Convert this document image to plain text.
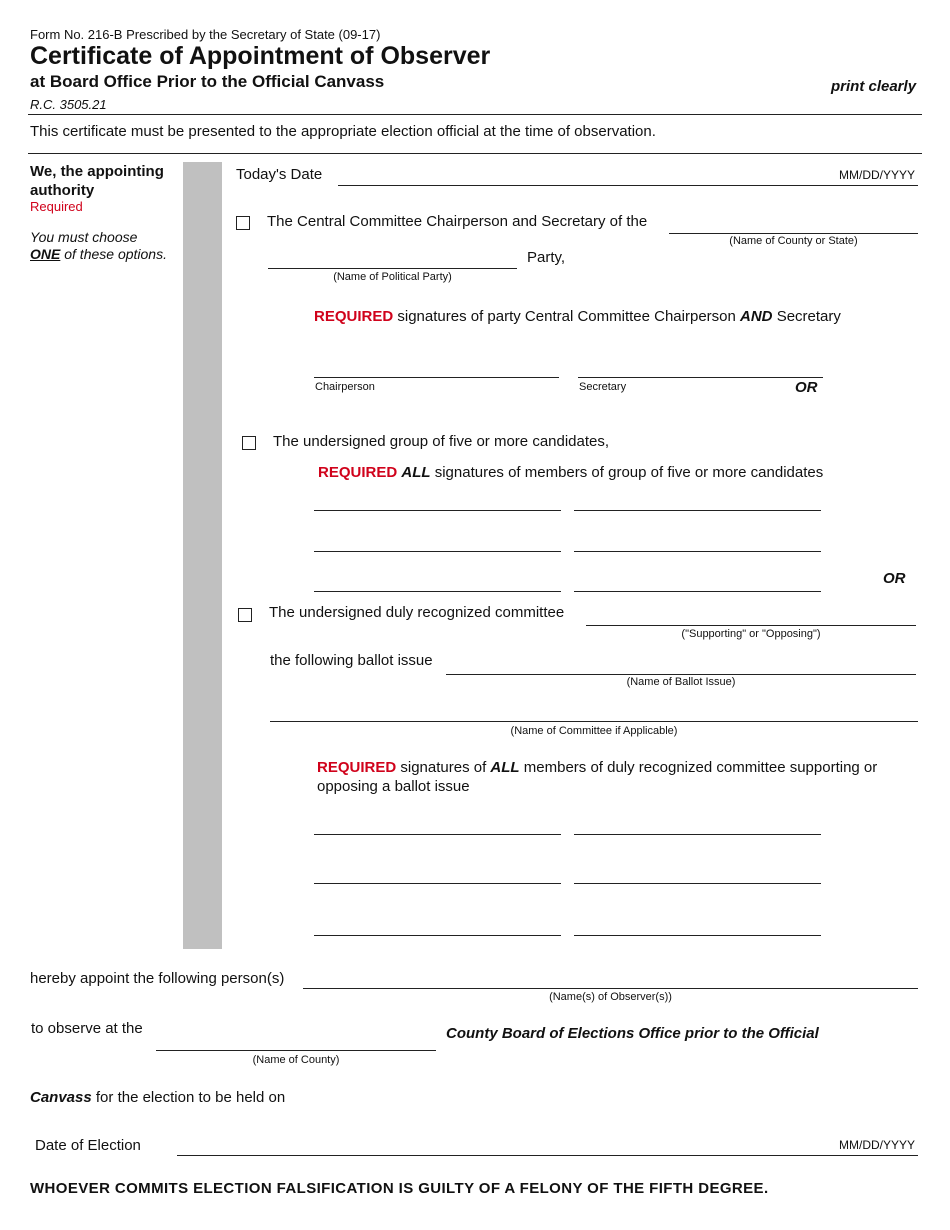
Form No. 216-B Prescribed by the Secretary of State (09-17)
Certificate of Appointment of Observer
at Board Office Prior to the Official Canvass
R.C. 3505.21
print clearly
This certificate must be presented to the appropriate election official at the time of observation.
We, the appointing authority
Required
You must choose
ONE of these options.
Today's Date	MM/DD/YYYY
The Central Committee Chairperson and Secretary of the
(Name of County or State)
(Name of Political Party)
Party,
REQUIRED signatures of party Central Committee Chairperson AND Secretary
Chairperson	Secretary	OR
The undersigned group of five or more candidates,
REQUIRED ALL signatures of members of group of five or more candidates
OR
The undersigned duly recognized committee
("Supporting" or "Opposing")
the following ballot issue
(Name of Ballot Issue)
(Name of Committee if Applicable)
REQUIRED signatures of ALL members of duly recognized committee supporting or
opposing a ballot issue
hereby appoint the following person(s)
(Name(s) of Observer(s))
to observe at the
(Name of County)
County Board of Elections Office prior to the Official
Canvass for the election to be held on
Date of Election	MM/DD/YYYY
WHOEVER COMMITS ELECTION FALSIFICATION IS GUILTY OF A FELONY OF THE FIFTH DEGREE.
